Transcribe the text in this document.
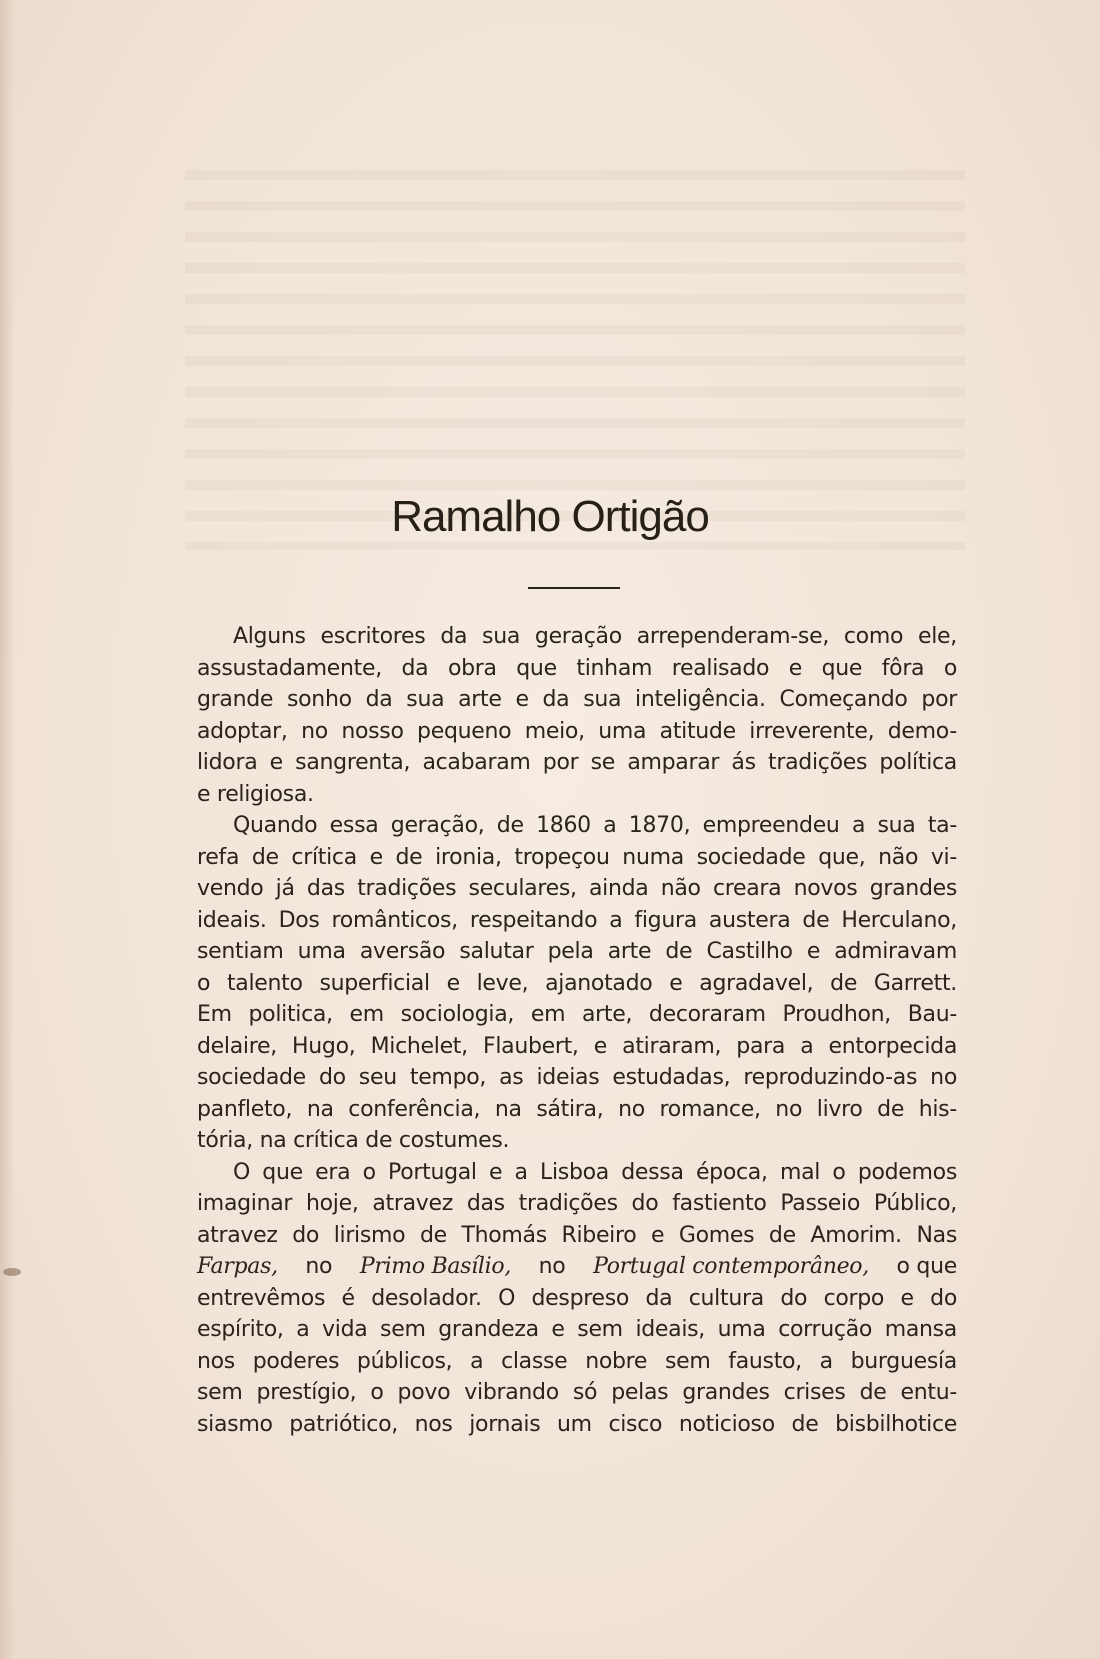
Ramalho Ortigão
Alguns escritores da sua geração arrependeram-se, como ele,
assustadamente, da obra que tinham realisado e que fôra o
grande sonho da sua arte e da sua inteligência. Começando por
adoptar, no nosso pequeno meio, uma atitude irreverente, demo-
lidora e sangrenta, acabaram por se amparar ás tradições política
e religiosa.
Quando essa geração, de 1860 a 1870, empreendeu a sua ta-
refa de crítica e de ironia, tropeçou numa sociedade que, não vi-
vendo já das tradições seculares, ainda não creara novos grandes
ideais. Dos românticos, respeitando a figura austera de Herculano,
sentiam uma aversão salutar pela arte de Castilho e admiravam
o talento superficial e leve, ajanotado e agradavel, de Garrett.
Em politica, em sociologia, em arte, decoraram Proudhon, Bau-
delaire, Hugo, Michelet, Flaubert, e atiraram, para a entorpecida
sociedade do seu tempo, as ideias estudadas, reproduzindo-as no
panfleto, na conferência, na sátira, no romance, no livro de his-
tória, na crítica de costumes.
O que era o Portugal e a Lisboa dessa época, mal o podemos
imaginar hoje, atravez das tradições do fastiento Passeio Público,
atravez do lirismo de Thomás Ribeiro e Gomes de Amorim. Nas
Farpas, no Primo Basílio, no Portugal contemporâneo, o que
entrevêmos é desolador. O despreso da cultura do corpo e do
espírito, a vida sem grandeza e sem ideais, uma corrução mansa
nos poderes públicos, a classe nobre sem fausto, a burguesía
sem prestígio, o povo vibrando só pelas grandes crises de entu-
siasmo patriótico, nos jornais um cisco noticioso de bisbilhotice
